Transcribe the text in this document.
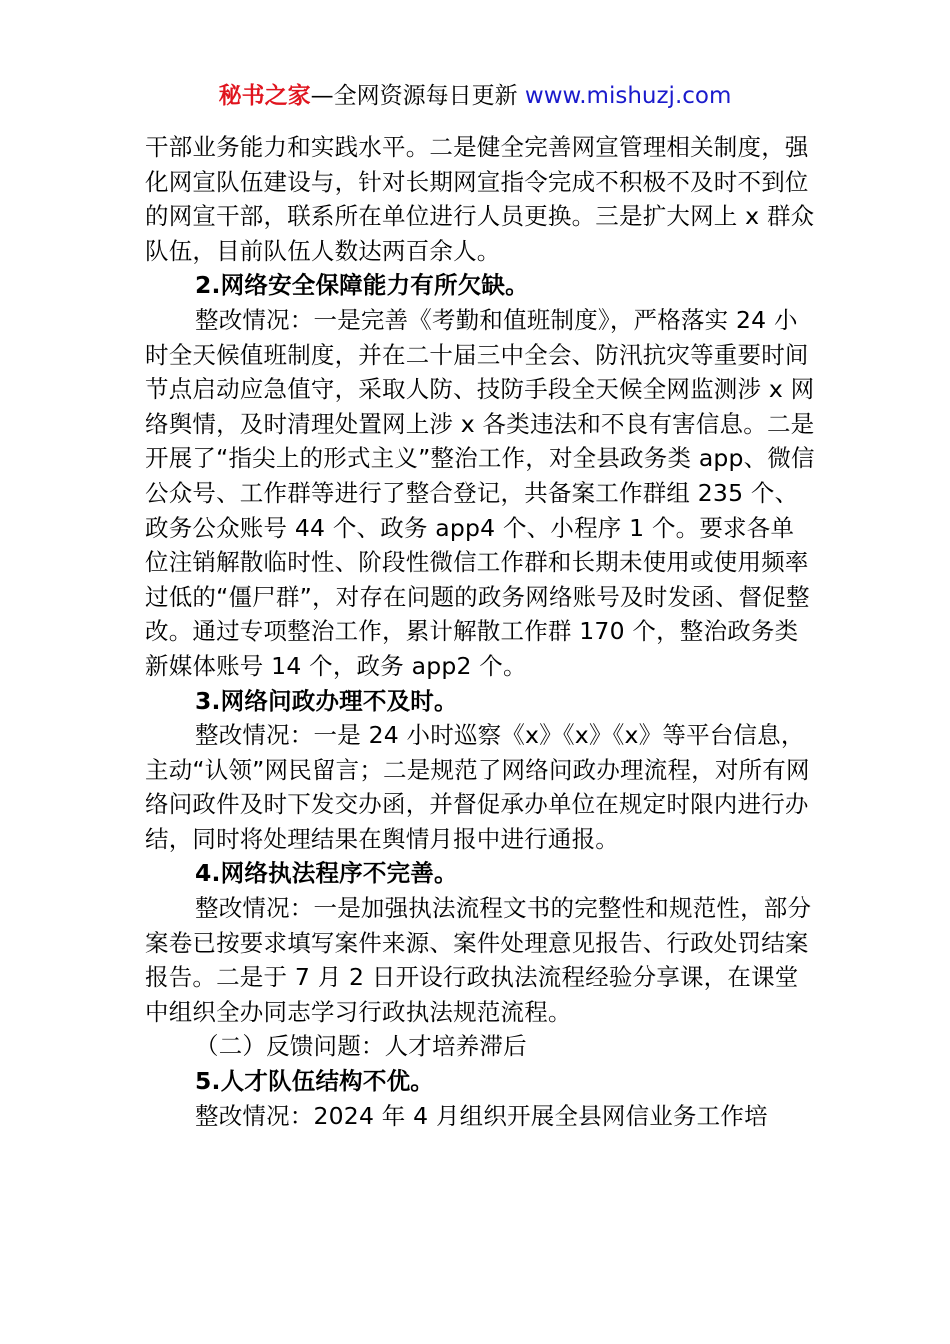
秘书之家—全网资源每日更新 www.mishuzj.com

干部业务能力和实践水平。二是健全完善网宣管理相关制度，强化网宣队伍建设与，针对长期网宣指令完成不积极不及时不到位的网宣干部，联系所在单位进行人员更换。三是扩大网上 x 群众队伍，目前队伍人数达两百余人。

2.网络安全保障能力有所欠缺。

整改情况：一是完善《考勤和值班制度》，严格落实 24 小时全天候值班制度，并在二十届三中全会、防汛抗灾等重要时间节点启动应急值守，采取人防、技防手段全天候全网监测涉 x 网络舆情，及时清理处置网上涉 x 各类违法和不良有害信息。二是开展了“指尖上的形式主义”整治工作，对全县政务类 app、微信公众号、工作群等进行了整合登记，共备案工作群组 235 个、政务公众账号 44 个、政务 app4 个、小程序 1 个。要求各单位注销解散临时性、阶段性微信工作群和长期未使用或使用频率过低的“僵尸群”，对存在问题的政务网络账号及时发函、督促整改。通过专项整治工作，累计解散工作群 170 个，整治政务类新媒体账号 14 个，政务 app2 个。

3.网络问政办理不及时。

整改情况：一是 24 小时巡察《x》《x》《x》等平台信息，主动“认领”网民留言；二是规范了网络问政办理流程，对所有网络问政件及时下发交办函，并督促承办单位在规定时限内进行办结，同时将处理结果在舆情月报中进行通报。

4.网络执法程序不完善。

整改情况：一是加强执法流程文书的完整性和规范性，部分案卷已按要求填写案件来源、案件处理意见报告、行政处罚结案报告。二是于 7 月 2 日开设行政执法流程经验分享课，在课堂中组织全办同志学习行政执法规范流程。

（二）反馈问题：人才培养滞后

5.人才队伍结构不优。

整改情况：2024 年 4 月组织开展全县网信业务工作培
